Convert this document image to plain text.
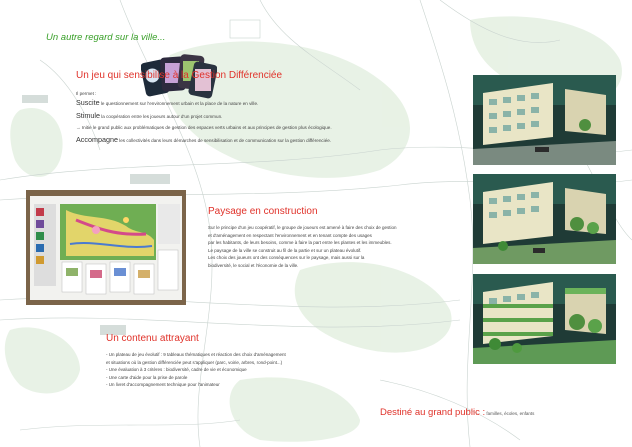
Un autre regard sur la ville...
Un jeu qui sensibilise à la Gestion Différenciée
Il permet :
Suscite le questionnement sur l'environnement urbain et la place de la nature en ville.
Stimule la coopération entre les joueurs autour d'un projet commun.
→ Initie le grand public aux problématiques de gestion des espaces verts urbains et aux principes de gestion plus écologique.
Accompagne les collectivités dans leurs démarches de sensibilisation et de communication sur la gestion différenciée.
Paysage en construction

Sur le principe d'un jeu coopératif, le groupe de joueurs est amené à faire des choix de gestion

et d'aménagement en respectant l'environnement et en tenant compte des usages

par les habitants, de leurs besoins, comme à faire la part entre les plantes et les immeubles.

Le paysage de la ville se construit au fil de la partie et sur un plateau évolutif.

Les choix des joueurs ont des conséquences sur le paysage, mais aussi sur la

biodiversité, le social et l'économie de la ville.

Un contenu attrayant

- Un plateau de jeu évolutif : 9 tableaux thématiques et réaction des choix d'aménagement

et situations où la gestion différenciée peut s'appliquer (parc, voirie, arbres, rond-point...)

- Une évaluation à 3 critères : biodiversité, cadre de vie et économique

- Une carte d'aide pour la prise de parole

- Un livret d'accompagnement technique pour l'animateur

Destiné au grand public : familles, écoles, enfants
